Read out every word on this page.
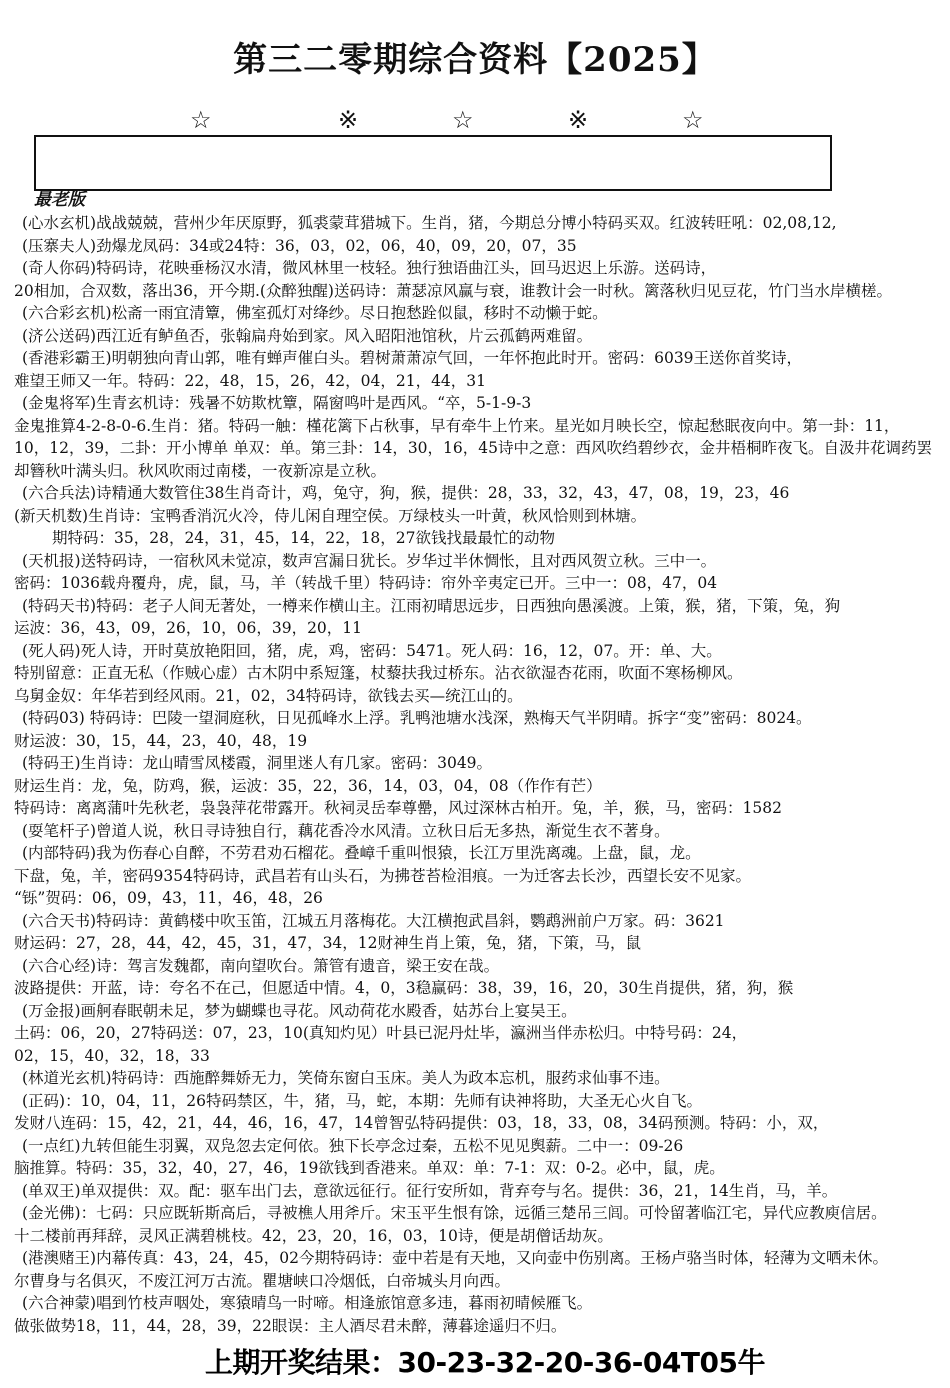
第三二零期综合资料【2025】
☆	※	☆	※	☆
最老版
(心水玄机)战战兢兢，营州少年厌原野，狐裘蒙茸猎城下。生肖，猪，今期总分博小特码买双。红波转旺吼：02,08,12,
(压寨夫人)劲爆龙凤码：34或24特：36，03，02，06，40，09，20，07，35
(奇人你码)特码诗，花映垂杨汉水清，微风林里一枝轻。独行独语曲江头，回马迟迟上乐游。送码诗，
20相加，合双数，落出36，开今期.(众醉独醒)送码诗：萧瑟凉风赢与衰，谁教计会一时秋。篱落秋归见豆花，竹门当水岸横槎。
(六合彩玄机)松斋一雨宜清簟，佛室孤灯对绛纱。尽日抱愁跧似鼠，移时不动懒于蛇。
(济公送码)西江近有鲈鱼否，张翰扁舟始到家。风入昭阳池馆秋，片云孤鹤两难留。
(香港彩霸王)明朝独向青山郭，唯有蝉声催白头。碧树萧萧凉气回，一年怀抱此时开。密码：6039王送你首奖诗，
难望王师又一年。特码：22，48，15，26，42，04，21，44，31
(金鬼将军)生青玄机诗：残暑不妨欺枕簟，隔窗鸣叶是西风。“卒，5-1-9-3
金鬼推算4-2-8-0-6.生肖：猪。特码一触：槿花篱下占秋事，早有牵牛上竹来。星光如月映长空，惊起愁眠夜向中。第一卦：11，
10，12，39，二卦：开小博单 单双：单。第三卦：14，30，16，45诗中之意：西风吹绉碧纱衣，金井梧桐昨夜飞。自汲井花调药罢
却簪秋叶满头归。秋风吹雨过南楼，一夜新凉是立秋。
(六合兵法)诗精通大数管住38生肖奇计，鸡，兔守，狗，猴，提供：28，33，32，43，47，08，19，23，46
(新天机数)生肖诗：宝鸭香消沉火冷，侍儿闲自理空侯。万绿枝头一叶黄，秋风恰则到林塘。
期特码：35，28，24，31，45，14，22，18，27欲钱找最最忙的动物
(天机报)送特码诗，一宿秋风未觉凉，数声宫漏日犹长。岁华过半休惆怅，且对西风贺立秋。三中一。
密码：1036载舟覆舟，虎，鼠，马，羊（转战千里）特码诗：帘外辛夷定已开。三中一：08，47，04
(特码天书)特码：老子人间无著处，一樽来作横山主。江雨初晴思远步，日西独向愚溪渡。上策，猴，猪，下策，兔，狗
运波：36，43，09，26，10，06，39，20，11
(死人码)死人诗，开时莫放艳阳回，猪，虎，鸡，密码：5471。死人码：16，12，07。开：单、大。
特别留意：正直无私（作贼心虚）古木阴中系短篷，杖藜扶我过桥东。沾衣欲湿杏花雨，吹面不寒杨柳风。
乌舅金奴：年华若到经风雨。21，02，34特码诗，欲钱去买—统江山的。
(特码03) 特码诗：巴陵一望洞庭秋，日见孤峰水上浮。乳鸭池塘水浅深，熟梅天气半阴晴。拆字“变”密码：8024。
财运波：30，15，44，23，40，48，19
(特码王)生肖诗：龙山晴雪凤楼霞，洞里迷人有几家。密码：3049。
财运生肖：龙，兔，防鸡，猴，运波：35，22，36，14，03，04，08（作作有芒）
特码诗：离离蒲叶先秋老，袅袅萍花带露开。秋祠灵岳奉尊罍，风过深林古柏开。兔，羊，猴，马，密码：1582
(耍笔杆子)曾道人说，秋日寻诗独自行，藕花香冷水风清。立秋日后无多热，渐觉生衣不著身。
(内部特码)我为伤春心自醉，不劳君劝石榴花。叠嶂千重叫恨猿，长江万里洗离魂。上盘，鼠，龙。
下盘，兔，羊，密码9354特码诗，武昌若有山头石，为拂苍苔检泪痕。一为迁客去长沙，西望长安不见家。
“铄”贺码：06，09，43，11，46，48，26
(六合天书)特码诗：黄鹤楼中吹玉笛，江城五月落梅花。大江横抱武昌斜，鹦鹉洲前户万家。码：3621
财运码：27，28，44，42，45，31，47，34，12财神生肖上策，兔，猪，下策，马，鼠
(六合心经)诗：驾言发魏都，南向望吹台。箫管有遗音，梁王安在哉。
波路提供：开蓝，诗：夸名不在己，但愿适中情。4，0，3稳赢码：38，39，16，20，30生肖提供，猪，狗，猴
(万金报)画舸春眠朝未足，梦为蝴蝶也寻花。风动荷花水殿香，姑苏台上宴吴王。
土码：06，20，27特码送：07，23，10(真知灼见）叶县已泥丹灶毕，瀛洲当伴赤松归。中特号码：24，
02，15，40，32，18，33
(林道光玄机)特码诗：西施醉舞娇无力，笑倚东窗白玉床。美人为政本忘机，服药求仙事不违。
(正码)：10，04，11，26特码禁区，牛，猪，马，蛇，本期：先师有诀神将助，大圣无心火自飞。
发财八连码：15，42，21，44，46，16，47，14曾智弘特码提供：03，18，33，08，34码预测。特码：小，双，
(一点红)九转但能生羽翼，双凫忽去定何依。独下长亭念过秦，五松不见见舆薪。二中一：09-26
脑推算。特码：35，32，40，27，46，19欲钱到香港来。单双：单：7-1：双：0-2。必中，鼠，虎。
(单双王)单双提供：双。配：驱车出门去，意欲远征行。征行安所如，背弃夸与名。提供：36，21，14生肖，马，羊。
(金光佛)：七码：只应既斩斯高后，寻被樵人用斧斤。宋玉平生恨有馀，远循三楚吊三闾。可怜留著临江宅，异代应教庾信居。
十二楼前再拜辞，灵风正满碧桃枝。42，23，20，16，03，10诗，便是胡僧话劫灰。
(港澳赌王)内幕传真：43，24，45，02今期特码诗：壶中若是有天地，又向壶中伤别离。王杨卢骆当时体，轻薄为文哂未休。
尔曹身与名俱灭，不废江河万古流。瞿塘峡口冷烟低，白帝城头月向西。
(六合神蒙)唱到竹枝声咽处，寒猿晴鸟一时啼。相逢旅馆意多违，暮雨初晴候雁飞。
做张做势18，11，44，28，39，22眼误：主人酒尽君未醉，薄暮途遥归不归。
上期开奖结果：30-23-32-20-36-04T05牛
